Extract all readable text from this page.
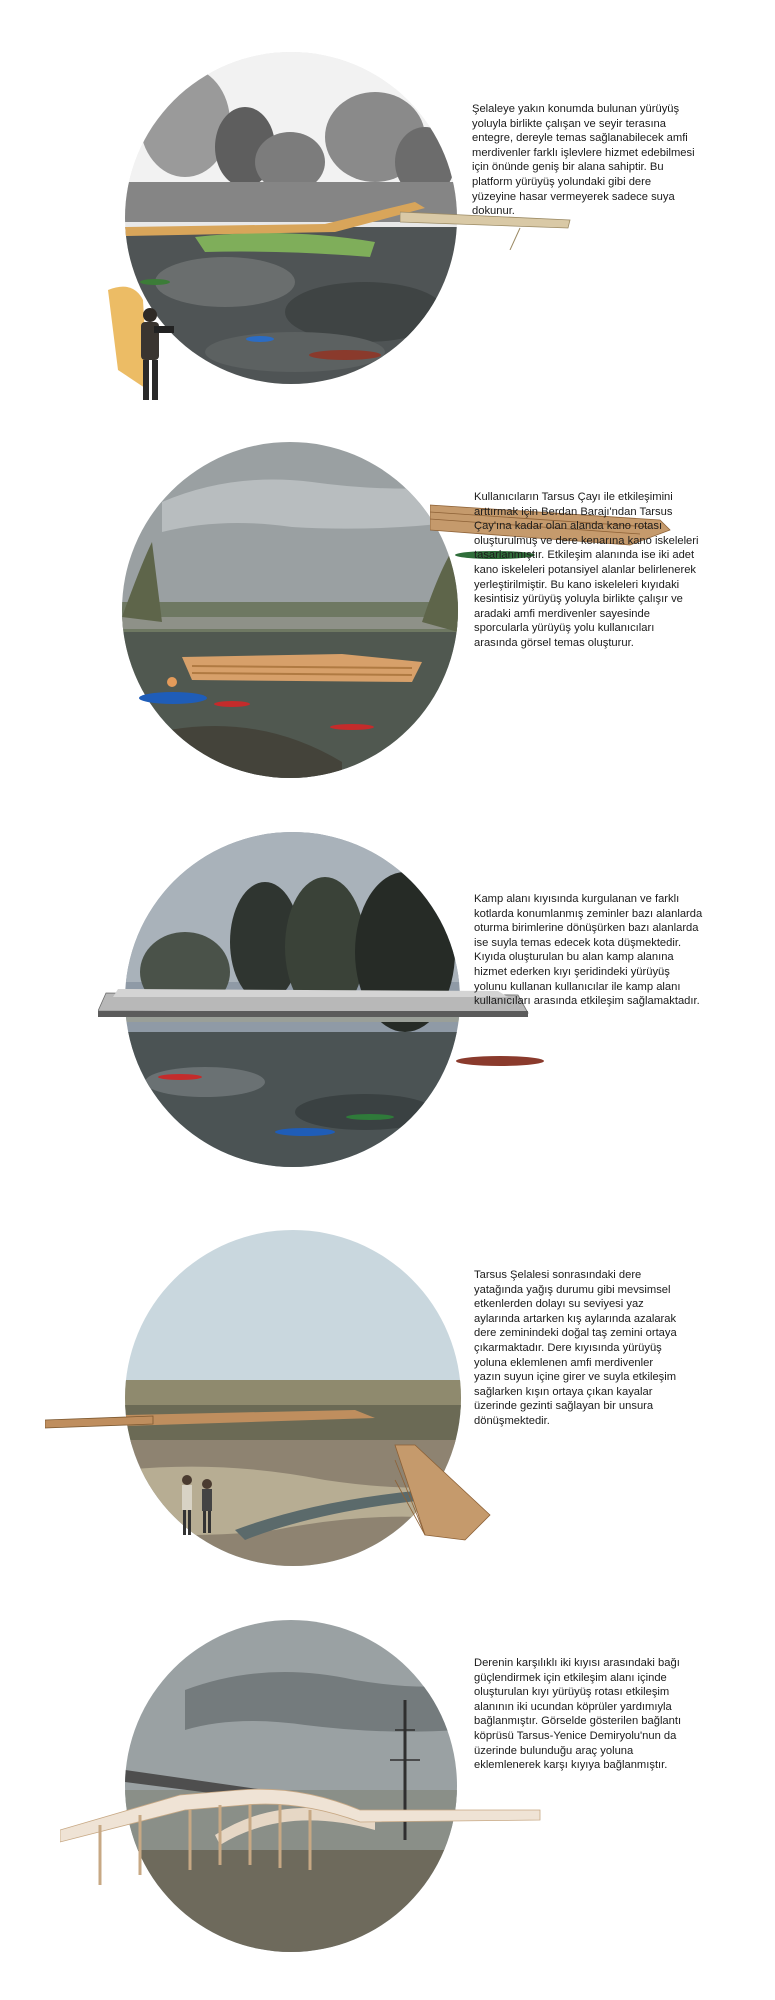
Şelaleye yakın konumda bulunan yürüyüş yoluyla birlikte çalışan ve seyir terasına entegre, dereyle temas sağlanabilecek amfi merdivenler farklı işlevlere hizmet edebilmesi için önünde geniş bir alana sahiptir. Bu platform yürüyüş yolundaki gibi dere yüzeyine hasar vermeyerek sadece suya dokunur.
Kullanıcıların Tarsus Çayı ile etkileşimini arttırmak için Berdan Barajı'ndan Tarsus Çay'ına kadar olan alanda kano rotası oluşturulmuş ve dere kenarına kano iskeleleri tasarlanmıştır. Etkileşim alanında ise iki adet kano iskeleleri potansiyel alanlar belirlenerek yerleştirilmiştir. Bu kano iskeleleri kıyıdaki kesintisiz yürüyüş yoluyla birlikte çalışır ve aradaki amfi merdivenler sayesinde sporcularla yürüyüş yolu kullanıcıları arasında görsel temas oluşturur.
Kamp alanı kıyısında kurgulanan ve farklı kotlarda konumlanmış zeminler bazı alanlarda oturma birimlerine dönüşürken bazı alanlarda ise suyla temas edecek kota düşmektedir. Kıyıda oluşturulan bu alan kamp alanına hizmet ederken kıyı şeridindeki yürüyüş yolunu kullanan kullanıcılar ile kamp alanı kullanıcıları arasında etkileşim sağlamaktadır.
Tarsus Şelalesi sonrasındaki dere yatağında yağış durumu gibi mevsimsel etkenlerden dolayı su seviyesi yaz aylarında artarken kış aylarında azalarak dere zeminindeki doğal taş zemini ortaya çıkarmaktadır. Dere kıyısında yürüyüş yoluna eklemlenen amfi merdivenler yazın suyun içine girer ve suyla etkileşim sağlarken kışın ortaya çıkan kayalar üzerinde gezinti sağlayan bir unsura dönüşmektedir.
Derenin karşılıklı iki kıyısı arasındaki bağı güçlendirmek için etkileşim alanı içinde oluşturulan kıyı yürüyüş rotası etkileşim alanının iki ucundan köprüler yardımıyla bağlanmıştır. Görselde gösterilen bağlantı köprüsü Tarsus-Yenice Demiryolu'nun da üzerinde bulunduğu araç yoluna eklemlenerek karşı kıyıya bağlanmıştır.
